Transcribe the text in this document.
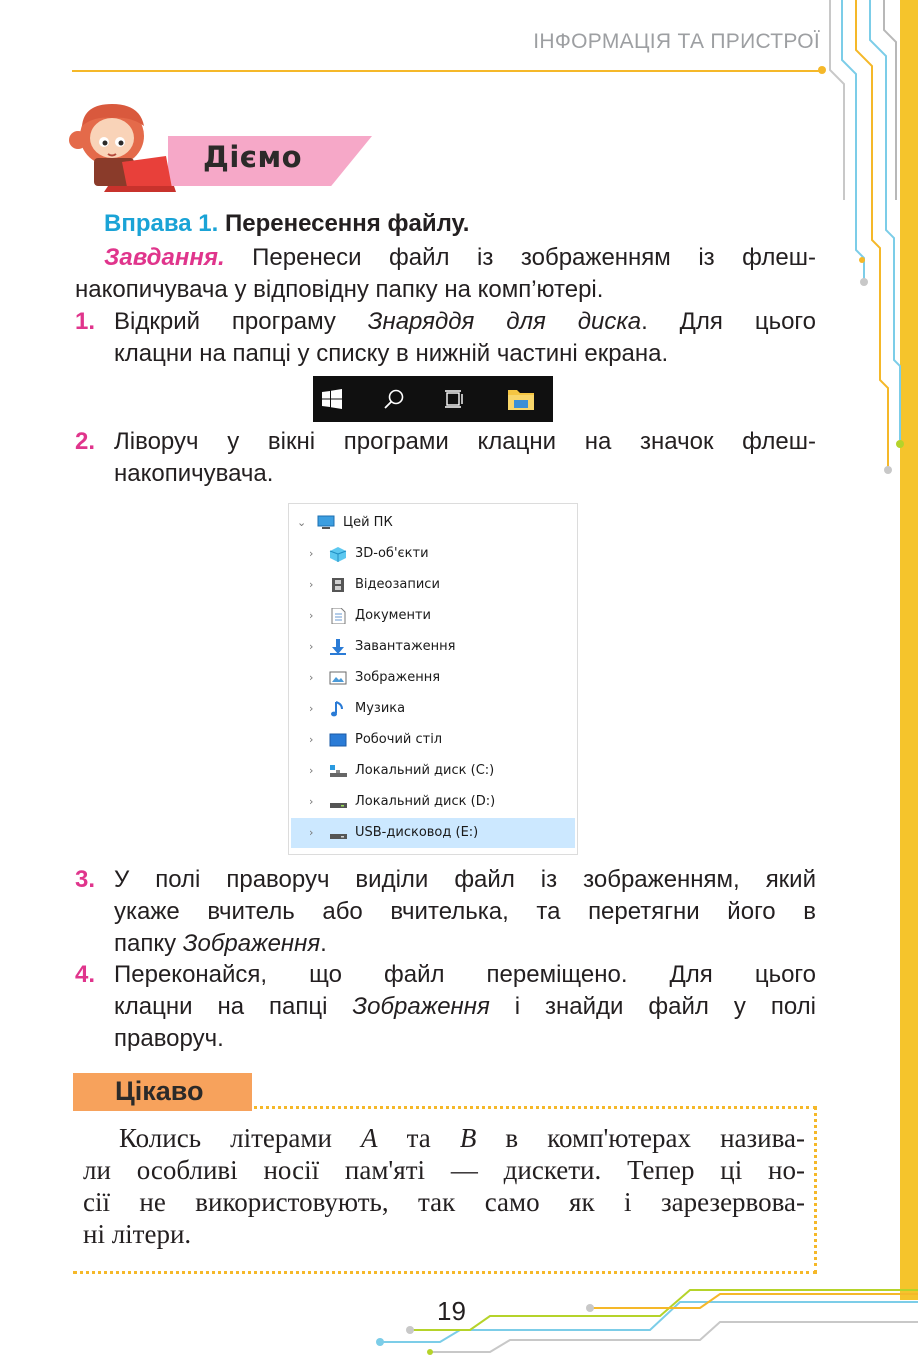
ІНФОРМАЦІЯ ТА ПРИСТРОЇ
Діємо
Вправа 1. Перенесення файлу.
Завдання. Перенеси файл із зображенням із флеш-
накопичувача у відповідну папку на комп’ютері.
1. Відкрий програму Знаряддя для диска. Для цього
клацни на папці у списку в нижній частині екрана.
2. Ліворуч у вікні програми клацни на значок флеш-
накопичувача.
⌄	Цей ПК
›	3D-об'єкти
›	Відеозаписи
›	Документи
›	Завантаження
›	Зображення
›	Музика
›	Робочий стіл
›	Локальний диск (C:)
›	Локальний диск (D:)
›	USB-дисковод (E:)
3. У полі праворуч виділи файл із зображенням, який
укаже вчитель або вчителька, та перетягни його в
папку Зображення.
4. Переконайся, що файл переміщено. Для цього
клацни на папці Зображення і знайди файл у полі
праворуч.
Цікаво
Колись літерами A та B в комп'ютерах назива-
ли особливі носії пам'яті — дискети. Тепер ці но-
сії не використовують, так само як і зарезервова-
ні літери.
19
